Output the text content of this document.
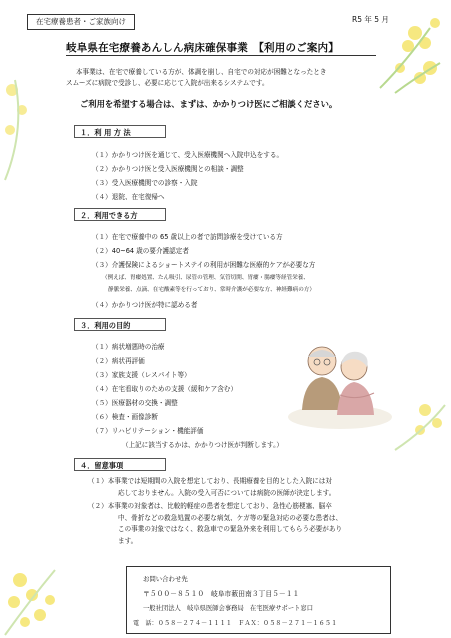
在宅療養患者・ご家族向け	R5 年 5 月
岐阜県在宅療養あんしん病床確保事業　【利用のご案内】
本事業は、在宅で療養している方が、体調を崩し、自宅での対応が困難となったとき
スムーズに病院で受診し、必要に応じて入院が出来るシステムです。
ご利用を希望する場合は、まずは、かかりつけ医にご相談ください。
１．利 用 方 法
（１）かかりつけ医を通じて、受入医療機関へ入院申込をする。
（２）かかりつけ医と受入医療機関との相談・調整
（３）受入医療機関での診察・入院
（４）退院、在宅復帰へ
２．利用できる方
（１）在宅で療養中の 65 歳以上の者で訪問診療を受けている方
（２）40~64 歳の要介護認定者
（３）介護保険によるショートステイの利用が困難な医療的ケアが必要な方
（例えば、胃瘻処置、たん吸引、尿管の管理、気管切開、胃瘻・腸瘻等経管栄養、
静脈栄養、点滴、在宅酸素等を行っており、常時介護が必要な方、神経難病の方）
（４）かかりつけ医が特に認める者
３．利用の目的
（１）病状増悪時の治療
（２）病状再評価
（３）家族支援（レスパイト等）
（４）在宅看取りのための支援（緩和ケア含む）
（５）医療器材の交換・調整
（６）検査・画像診断
（７）リハビリテーション・機能評価
（上記に該当するかは、かかりつけ医が判断します。）
４．留意事項
（１）本事業では短期間の入院を想定しており、長期療養を目的とした入院には対
応しておりません。入院の受入可否については病院の医師が決定します。
（２）本事業の対象者は、比較的軽症の患者を想定しており、急性心筋梗塞、脳卒
中、骨折などの救急処置の必要な病気、ケガ等の緊急対応の必要な患者は、
この事業の対象ではなく、救急車での緊急外来を利用してもらう必要があり
ます。
お問い合わせ先
〒５００－８５１０　岐阜市薮田南３丁目５－１１
一般社団法人　岐阜県医師会事務局　在宅医療サポート窓口
電　話：０５８－２７４－１１１１　ＦＡＸ：０５８－２７１－１６５１
